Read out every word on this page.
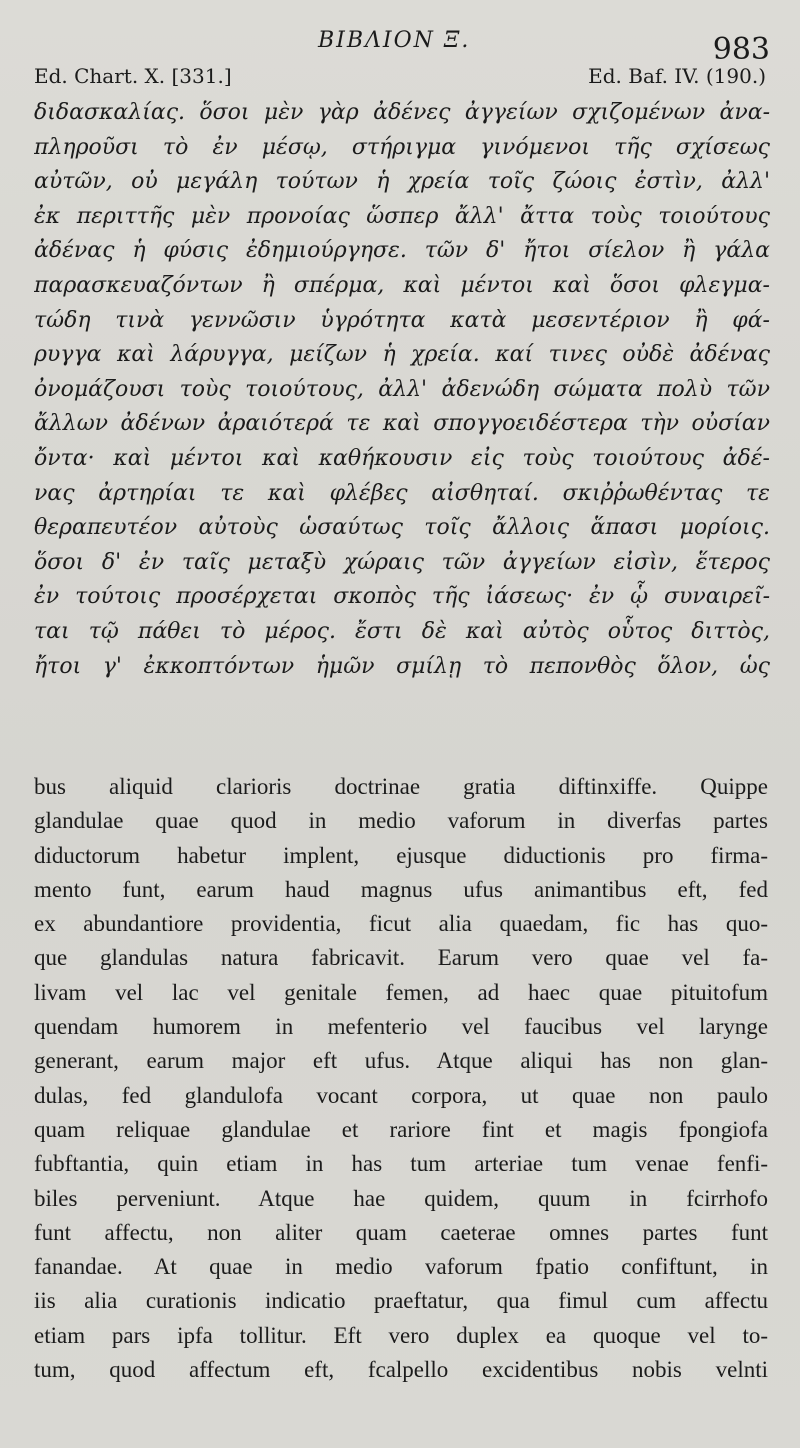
ΒΙΒΛΙΟΝ Ξ.	983
Ed. Chart. X. [331.]	Ed. Baf. IV. (190.)
διδασκαλίας. ὅσοι μὲν γὰρ ἀδένες ἀγγείων σχιζομένων ἀνα-
πληροῦσι τὸ ἐν μέσῳ, στήριγμα γινόμενοι τῆς σχίσεως
αὐτῶν, οὐ μεγάλη τούτων ἡ χρεία τοῖς ζώοις ἐστὶν, ἀλλ'
ἐκ περιττῆς μὲν προνοίας ὥσπερ ἄλλ' ἄττα τοὺς τοιούτους
ἀδένας ἡ φύσις ἐδημιούργησε. τῶν δ' ἤτοι σίελον ἢ γάλα
παρασκευαζόντων ἢ σπέρμα, καὶ μέντοι καὶ ὅσοι φλεγμα-
τώδη τινὰ γεννῶσιν ὑγρότητα κατὰ μεσεντέριον ἢ φά-
ρυγγα καὶ λάρυγγα, μείζων ἡ χρεία. καί τινες οὐδὲ ἀδένας
ὀνομάζουσι τοὺς τοιούτους, ἀλλ' ἀδενώδη σώματα πολὺ τῶν
ἄλλων ἀδένων ἀραιότερά τε καὶ σπογγοειδέστερα τὴν οὐσίαν
ὄντα· καὶ μέντοι καὶ καθήκουσιν εἰς τοὺς τοιούτους ἀδέ-
νας ἀρτηρίαι τε καὶ φλέβες αἰσθηταί. σκιῤῥωθέντας τε
θεραπευτέον αὐτοὺς ὡσαύτως τοῖς ἄλλοις ἅπασι μορίοις.
ὅσοι δ' ἐν ταῖς μεταξὺ χώραις τῶν ἀγγείων εἰσὶν, ἕτερος
ἐν τούτοις προσέρχεται σκοπὸς τῆς ἰάσεως· ἐν ᾧ συναιρεῖ-
ται τῷ πάθει τὸ μέρος. ἔστι δὲ καὶ αὐτὸς οὗτος διττὸς,
ἤτοι γ' ἐκκοπτόντων ἡμῶν σμίλῃ τὸ πεπονθὸς ὅλον, ὡς
bus aliquid clarioris doctrinae gratia diftinxiffe. Quippe
glandulae quae quod in medio vaforum in diverfas partes
diductorum habetur implent, ejusque diductionis pro firma-
mento funt, earum haud magnus ufus animantibus eft, fed
ex abundantiore providentia, ficut alia quaedam, fic has quo-
que glandulas natura fabricavit. Earum vero quae vel fa-
livam vel lac vel genitale femen, ad haec quae pituitofum
quendam humorem in mefenterio vel faucibus vel larynge
generant, earum major eft ufus. Atque aliqui has non glan-
dulas, fed glandulofa vocant corpora, ut quae non paulo
quam reliquae glandulae et rariore fint et magis fpongiofa
fubftantia, quin etiam in has tum arteriae tum venae fenfi-
biles perveniunt. Atque hae quidem, quum in fcirrhofo
funt affectu, non aliter quam caeterae omnes partes funt
fanandae. At quae in medio vaforum fpatio confiftunt, in
iis alia curationis indicatio praeftatur, qua fimul cum affectu
etiam pars ipfa tollitur. Eft vero duplex ea quoque vel to-
tum, quod affectum eft, fcalpello excidentibus nobis velnti
